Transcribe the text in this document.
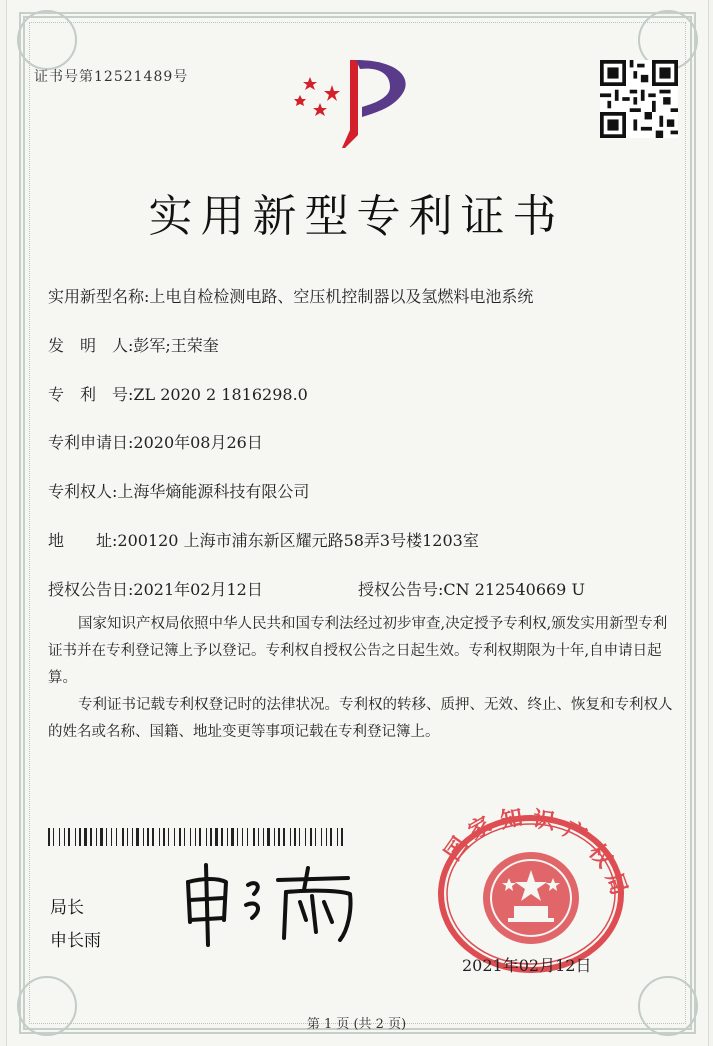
证书号第12521489号
实用新型专利证书
实用新型名称:上电自检检测电路、空压机控制器以及氢燃料电池系统
发　明　人:彭军;王荣奎
专　利　号:ZL 2020 2 1816298.0
专利申请日:2020年08月26日
专利权人:上海华熵能源科技有限公司
地　　址:200120 上海市浦东新区耀元路58弄3号楼1203室
授权公告日:2021年02月12日	授权公告号:CN 212540669 U
国家知识产权局依照中华人民共和国专利法经过初步审查,决定授予专利权,颁发实用新型专利证书并在专利登记簿上予以登记。专利权自授权公告之日起生效。专利权期限为十年,自申请日起算。
专利证书记载专利权登记时的法律状况。专利权的转移、质押、无效、终止、恢复和专利权人的姓名或名称、国籍、地址变更等事项记载在专利登记簿上。
局长
申长雨
国
家 知 识 产
权
局
2021年02月12日
第 1 页 (共 2 页)
